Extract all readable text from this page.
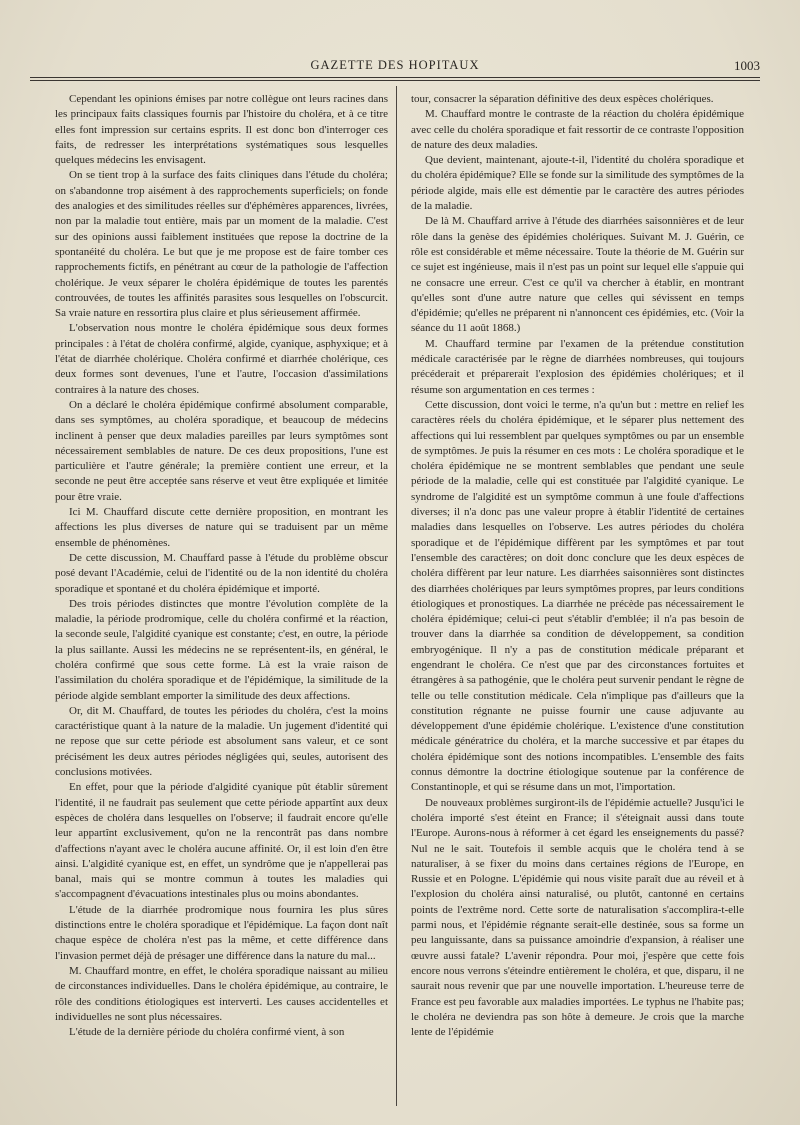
GAZETTE DES HOPITAUX	1003

Cependant les opinions émises par notre collègue ont leurs racines dans les principaux faits classiques fournis par l'histoire du choléra, et à ce titre elles font impression sur certains esprits. Il est donc bon d'interroger ces faits, de redresser les interprétations systématiques sous lesquelles quelques médecins les envisagent.

On se tient trop à la surface des faits cliniques dans l'étude du choléra; on s'abandonne trop aisément à des rapprochements superficiels; on fonde des analogies et des similitudes réelles sur d'éphémères apparences, livrées, non par la maladie tout entière, mais par un moment de la maladie. C'est sur des opinions aussi faiblement instituées que repose la doctrine de la spontanéité du choléra. Le but que je me propose est de faire tomber ces rapprochements fictifs, en pénétrant au cœur de la pathologie de l'affection cholérique. Je veux séparer le choléra épidémique de toutes les parentés controuvées, de toutes les affinités parasites sous lesquelles on l'obscurcit. Sa vraie nature en ressortira plus claire et plus sérieusement affirmée.

L'observation nous montre le choléra épidémique sous deux formes principales : à l'état de choléra confirmé, algide, cyanique, asphyxique; et à l'état de diarrhée cholérique. Choléra confirmé et diarrhée cholérique, ces deux formes sont devenues, l'une et l'autre, l'occasion d'assimilations contraires à la nature des choses.

On a déclaré le choléra épidémique confirmé absolument comparable, dans ses symptômes, au choléra sporadique, et beaucoup de médecins inclinent à penser que deux maladies pareilles par leurs symptômes sont nécessairement semblables de nature. De ces deux propositions, l'une est particulière et l'autre générale; la première contient une erreur, et la seconde ne peut être acceptée sans réserve et veut être expliquée et limitée pour être vraie.

Ici M. Chauffard discute cette dernière proposition, en montrant les affections les plus diverses de nature qui se traduisent par un même ensemble de phénomènes.

De cette discussion, M. Chauffard passe à l'étude du problème obscur posé devant l'Académie, celui de l'identité ou de la non identité du choléra sporadique et spontané et du choléra épidémique et importé.

Des trois périodes distinctes que montre l'évolution complète de la maladie, la période prodromique, celle du choléra confirmé et la réaction, la seconde seule, l'algidité cyanique est constante; c'est, en outre, la période la plus saillante. Aussi les médecins ne se représentent-ils, en général, le choléra confirmé que sous cette forme. Là est la vraie raison de l'assimilation du choléra sporadique et de l'épidémique, la similitude de la période algide semblant emporter la similitude des deux affections.

Or, dit M. Chauffard, de toutes les périodes du choléra, c'est la moins caractéristique quant à la nature de la maladie. Un jugement d'identité qui ne repose que sur cette période est absolument sans valeur, et ce sont précisément les deux autres périodes négligées qui, seules, autorisent des conclusions motivées.

En effet, pour que la période d'algidité cyanique pût établir sûrement l'identité, il ne faudrait pas seulement que cette période appartînt aux deux espèces de choléra dans lesquelles on l'observe; il faudrait encore qu'elle leur appartînt exclusivement, qu'on ne la rencontrât pas dans nombre d'affections n'ayant avec le choléra aucune affinité. Or, il est loin d'en être ainsi. L'algidité cyanique est, en effet, un syndrôme que je n'appellerai pas banal, mais qui se montre commun à toutes les maladies qui s'accompagnent d'évacuations intestinales plus ou moins abondantes.

L'étude de la diarrhée prodromique nous fournira les plus sûres distinctions entre le choléra sporadique et l'épidémique. La façon dont naît chaque espèce de choléra n'est pas la même, et cette différence dans l'invasion permet déjà de présager une différence dans la nature du mal...

M. Chauffard montre, en effet, le choléra sporadique naissant au milieu de circonstances individuelles. Dans le choléra épidémique, au contraire, le rôle des conditions étiologiques est interverti. Les causes accidentelles et individuelles ne sont plus nécessaires.

L'étude de la dernière période du choléra confirmé vient, à son

tour, consacrer la séparation définitive des deux espèces cholériques.

M. Chauffard montre le contraste de la réaction du choléra épidémique avec celle du choléra sporadique et fait ressortir de ce contraste l'opposition de nature des deux maladies.

Que devient, maintenant, ajoute-t-il, l'identité du choléra sporadique et du choléra épidémique? Elle se fonde sur la similitude des symptômes de la période algide, mais elle est démentie par le caractère des autres périodes de la maladie.

De là M. Chauffard arrive à l'étude des diarrhées saisonnières et de leur rôle dans la genèse des épidémies cholériques. Suivant M. J. Guérin, ce rôle est considérable et même nécessaire. Toute la théorie de M. Guérin sur ce sujet est ingénieuse, mais il n'est pas un point sur lequel elle s'appuie qui ne consacre une erreur. C'est ce qu'il va chercher à établir, en montrant qu'elles sont d'une autre nature que celles qui sévissent en temps d'épidémie; qu'elles ne préparent ni n'annoncent ces épidémies, etc. (Voir la séance du 11 août 1868.)

M. Chauffard termine par l'examen de la prétendue constitution médicale caractérisée par le règne de diarrhées nombreuses, qui toujours précéderait et préparerait l'explosion des épidémies cholériques; et il résume son argumentation en ces termes :

Cette discussion, dont voici le terme, n'a qu'un but : mettre en relief les caractères réels du choléra épidémique, et le séparer plus nettement des affections qui lui ressemblent par quelques symptômes ou par un ensemble de symptômes. Je puis la résumer en ces mots : Le choléra sporadique et le choléra épidémique ne se montrent semblables que pendant une seule période de la maladie, celle qui est constituée par l'algidité cyanique. Le syndrome de l'algidité est un symptôme commun à une foule d'affections diverses; il n'a donc pas une valeur propre à établir l'identité de certaines maladies dans lesquelles on l'observe. Les autres périodes du choléra sporadique et de l'épidémique diffèrent par les symptômes et par tout l'ensemble des caractères; on doit donc conclure que les deux espèces de choléra diffèrent par leur nature. Les diarrhées saisonnières sont distinctes des diarrhées cholériques par leurs symptômes propres, par leurs conditions étiologiques et pronostiques. La diarrhée ne précède pas nécessairement le choléra épidémique; celui-ci peut s'établir d'emblée; il n'a pas besoin de trouver dans la diarrhée sa condition de développement, sa condition embryogénique. Il n'y a pas de constitution médicale préparant et engendrant le choléra. Ce n'est que par des circonstances fortuites et étrangères à sa pathogénie, que le choléra peut survenir pendant le règne de telle ou telle constitution médicale. Cela n'implique pas d'ailleurs que la constitution régnante ne puisse fournir une cause adjuvante au développement d'une épidémie cholérique. L'existence d'une constitution médicale génératrice du choléra, et la marche successive et par étapes du choléra épidémique sont des notions incompatibles. L'ensemble des faits connus démontre la doctrine étiologique soutenue par la conférence de Constantinople, et qui se résume dans un mot, l'importation.

De nouveaux problèmes surgiront-ils de l'épidémie actuelle? Jusqu'ici le choléra importé s'est éteint en France; il s'éteignait aussi dans toute l'Europe. Aurons-nous à réformer à cet égard les enseignements du passé? Nul ne le sait. Toutefois il semble acquis que le choléra tend à se naturaliser, à se fixer du moins dans certaines régions de l'Europe, en Russie et en Pologne. L'épidémie qui nous visite paraît due au réveil et à l'explosion du choléra ainsi naturalisé, ou plutôt, cantonné en certains points de l'extrême nord. Cette sorte de naturalisation s'accomplira-t-elle parmi nous, et l'épidémie régnante serait-elle destinée, sous sa forme un peu languissante, dans sa puissance amoindrie d'expansion, à réaliser une œuvre aussi fatale? L'avenir répondra. Pour moi, j'espère que cette fois encore nous verrons s'éteindre entièrement le choléra, et que, disparu, il ne saurait nous revenir que par une nouvelle importation. L'heureuse terre de France est peu favorable aux maladies importées. Le typhus ne l'habite pas; le choléra ne deviendra pas son hôte à demeure. Je crois que la marche lente de l'épidémie
